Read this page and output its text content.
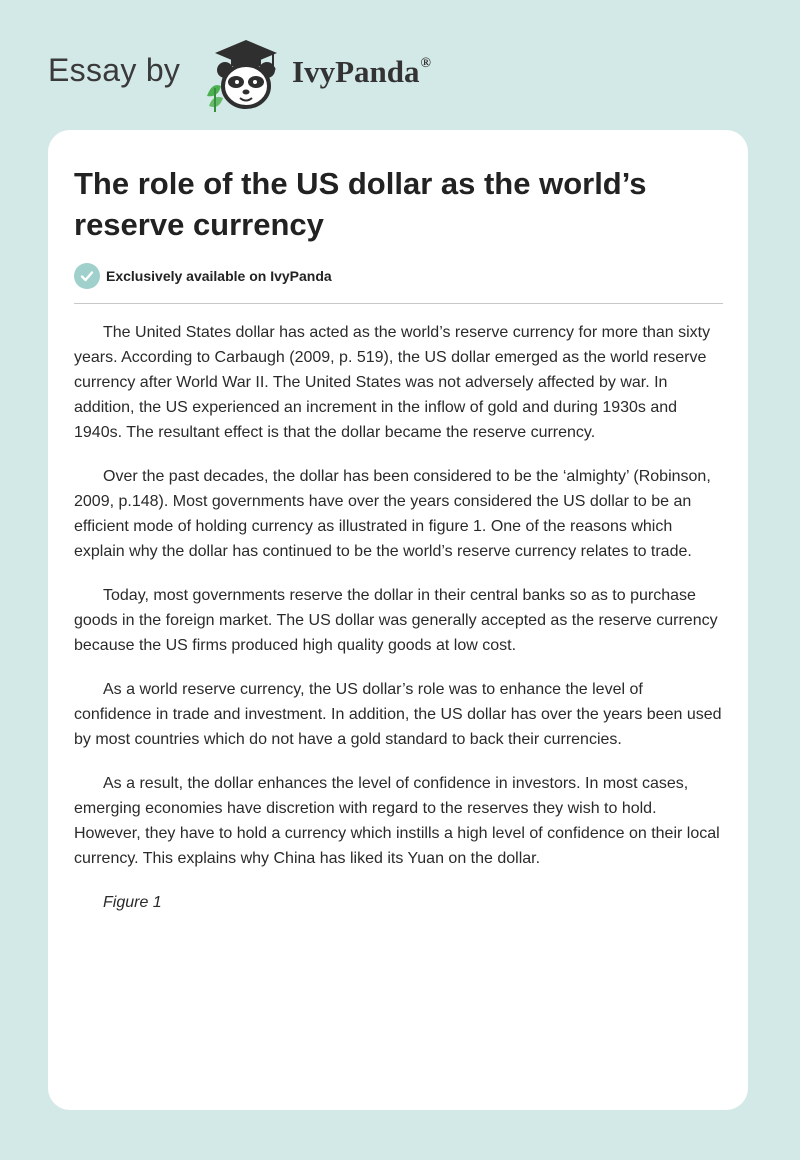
Essay by	IvyPanda®
The role of the US dollar as the world’s reserve currency
Exclusively available on IvyPanda

The United States dollar has acted as the world’s reserve currency for more than sixty years. According to Carbaugh (2009, p. 519), the US dollar emerged as the world reserve currency after World War II. The United States was not adversely affected by war. In addition, the US experienced an increment in the inflow of gold and during 1930s and 1940s. The resultant effect is that the dollar became the reserve currency.

Over the past decades, the dollar has been considered to be the ‘almighty’ (Robinson, 2009, p.148). Most governments have over the years considered the US dollar to be an efficient mode of holding currency as illustrated in figure 1. One of the reasons which explain why the dollar has continued to be the world’s reserve currency relates to trade.

Today, most governments reserve the dollar in their central banks so as to purchase goods in the foreign market. The US dollar was generally accepted as the reserve currency because the US firms produced high quality goods at low cost.

As a world reserve currency, the US dollar’s role was to enhance the level of confidence in trade and investment. In addition, the US dollar has over the years been used by most countries which do not have a gold standard to back their currencies.

As a result, the dollar enhances the level of confidence in investors. In most cases, emerging economies have discretion with regard to the reserves they wish to hold. However, they have to hold a currency which instills a high level of confidence on their local currency. This explains why China has liked its Yuan on the dollar.

Figure 1
